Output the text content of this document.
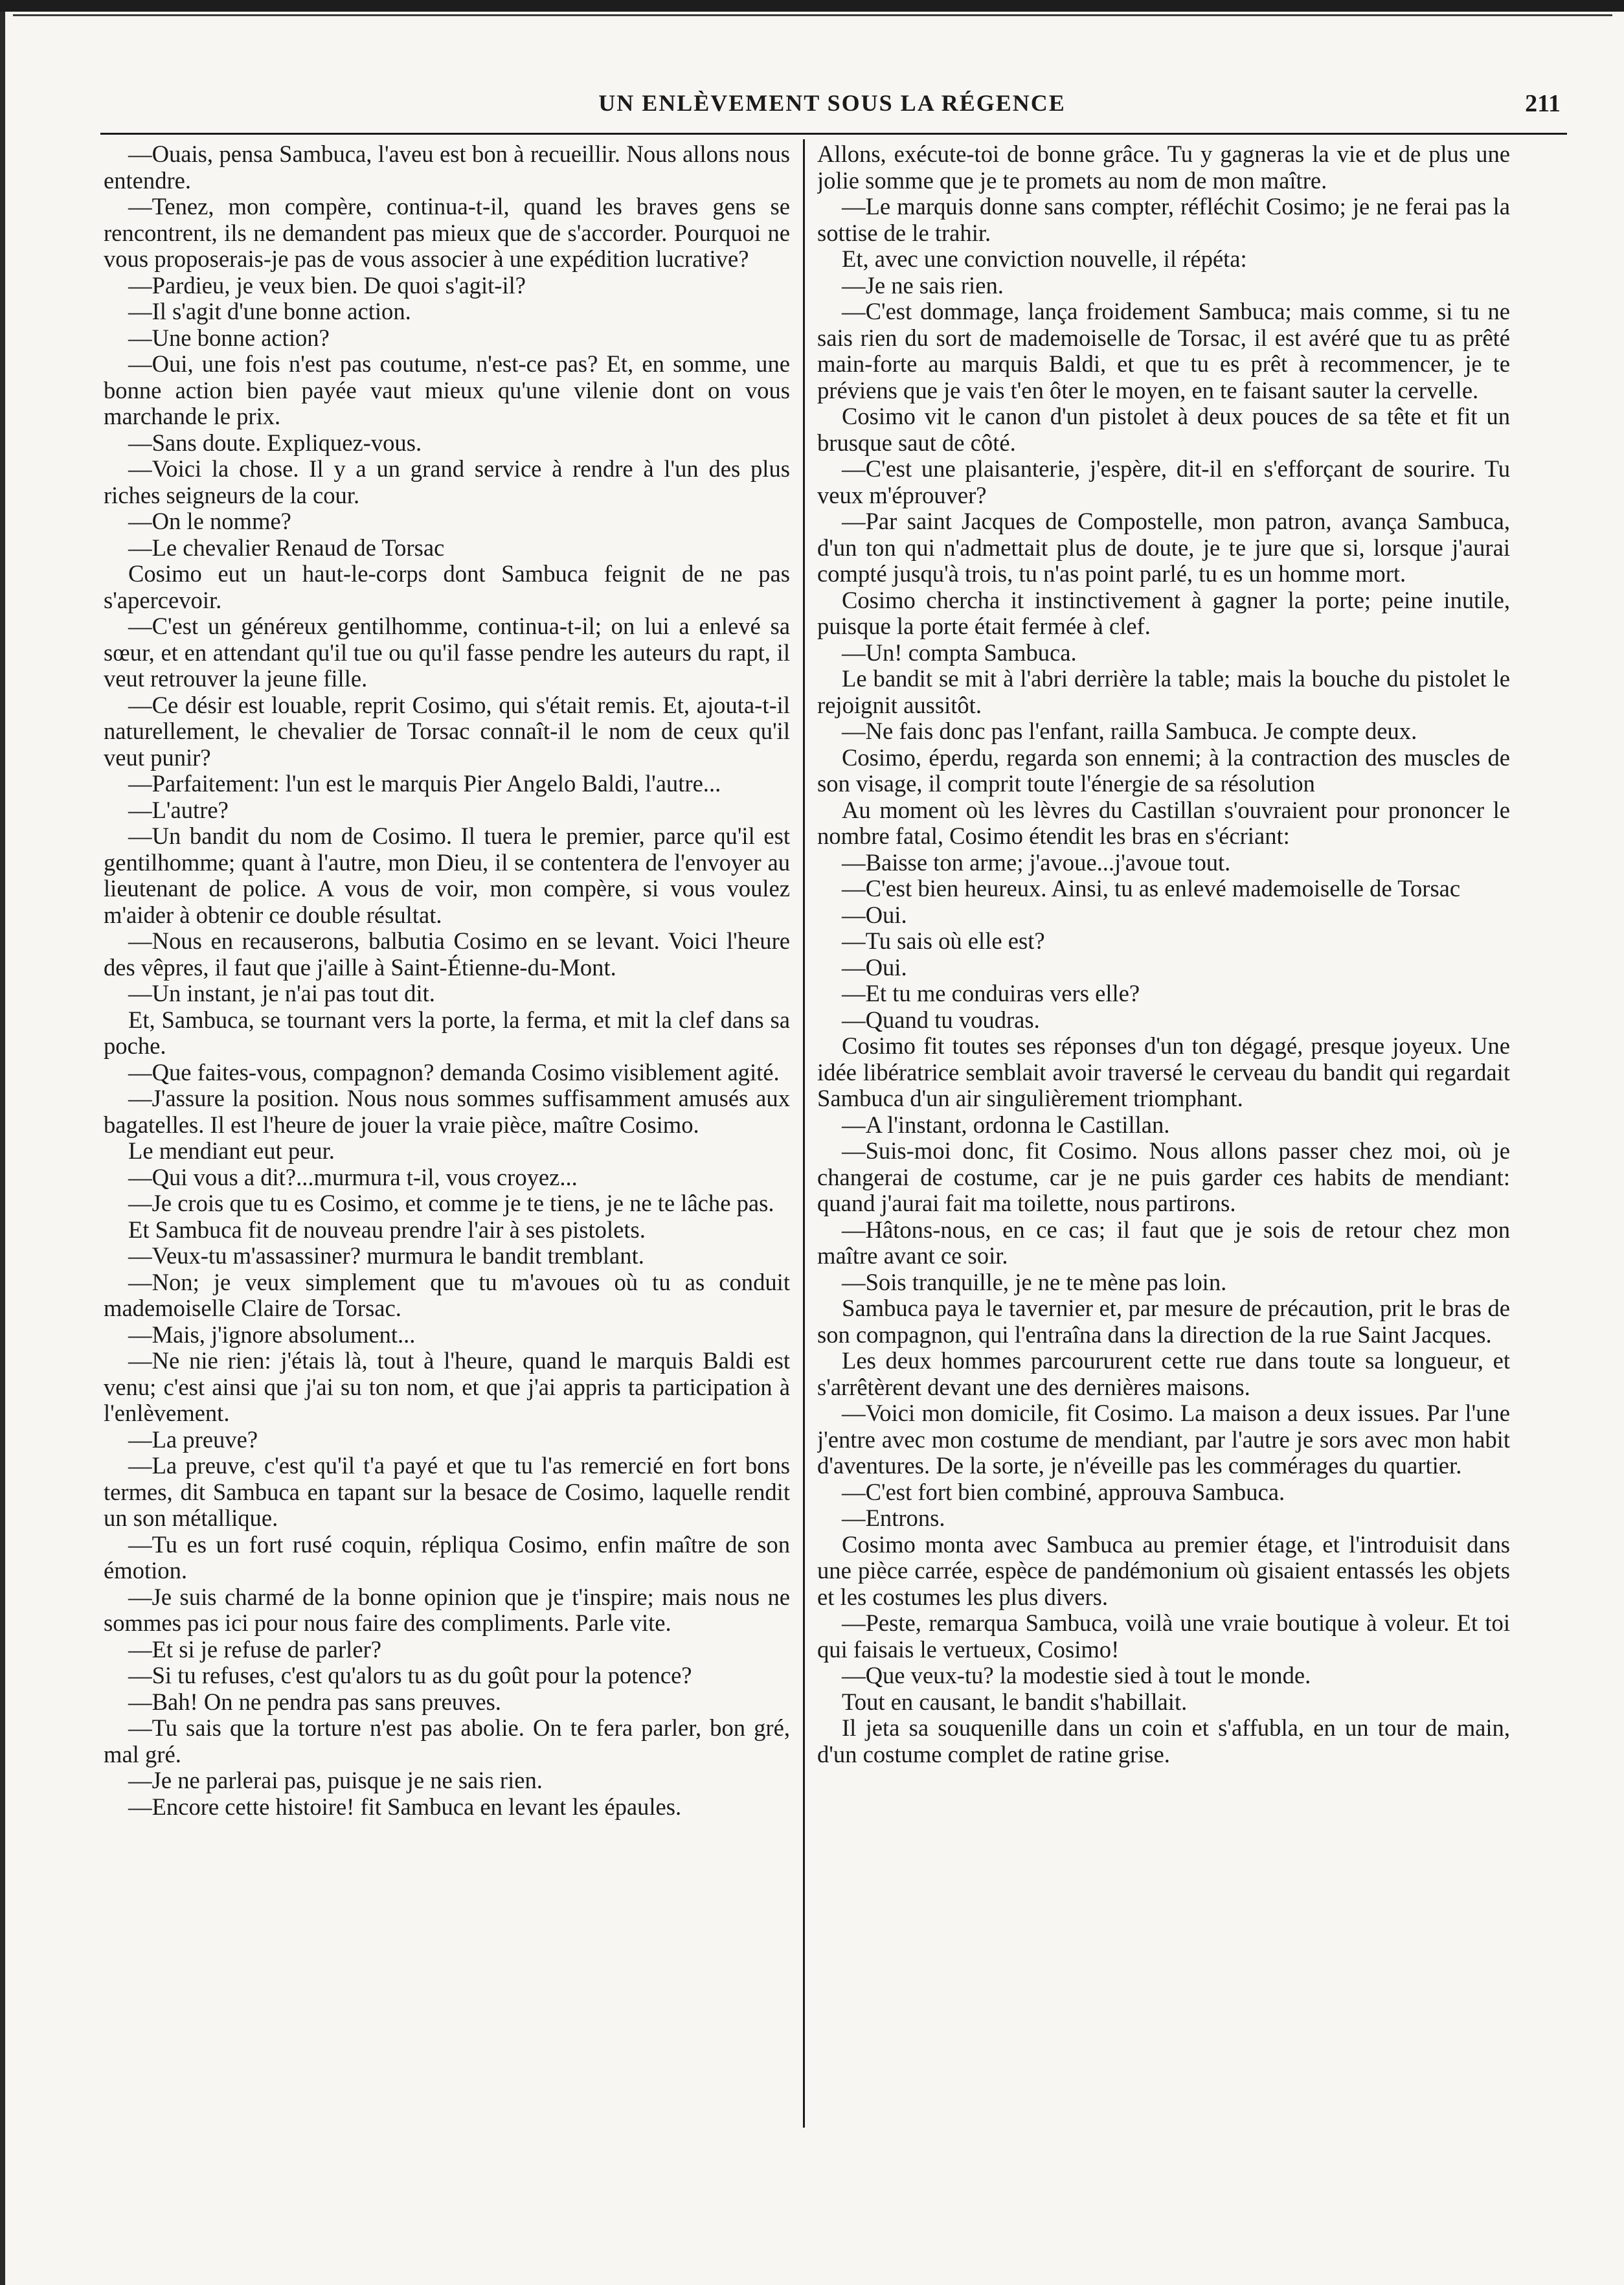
UN ENLÈVEMENT SOUS LA RÉGENCE	211

—Ouais, pensa Sambuca, l'aveu est bon à recueillir. Nous allons nous entendre.

—Tenez, mon compère, continua-t-il, quand les braves gens se rencontrent, ils ne demandent pas mieux que de s'accorder. Pourquoi ne vous proposerais-je pas de vous associer à une expédition lucrative?

—Pardieu, je veux bien. De quoi s'agit-il?

—Il s'agit d'une bonne action.

—Une bonne action?

—Oui, une fois n'est pas coutume, n'est-ce pas? Et, en somme, une bonne action bien payée vaut mieux qu'une vilenie dont on vous marchande le prix.

—Sans doute. Expliquez-vous.

—Voici la chose. Il y a un grand service à rendre à l'un des plus riches seigneurs de la cour.

—On le nomme?

—Le chevalier Renaud de Torsac

Cosimo eut un haut-le-corps dont Sambuca feignit de ne pas s'apercevoir.

—C'est un généreux gentilhomme, continua-t-il; on lui a enlevé sa sœur, et en attendant qu'il tue ou qu'il fasse pendre les auteurs du rapt, il veut retrouver la jeune fille.

—Ce désir est louable, reprit Cosimo, qui s'était remis. Et, ajouta-t-il naturellement, le chevalier de Torsac connaît-il le nom de ceux qu'il veut punir?

—Parfaitement: l'un est le marquis Pier Angelo Baldi, l'autre...

—L'autre?

—Un bandit du nom de Cosimo. Il tuera le premier, parce qu'il est gentilhomme; quant à l'autre, mon Dieu, il se contentera de l'envoyer au lieutenant de police. A vous de voir, mon compère, si vous voulez m'aider à obtenir ce double résultat.

—Nous en recauserons, balbutia Cosimo en se levant. Voici l'heure des vêpres, il faut que j'aille à Saint-Étienne-du-Mont.

—Un instant, je n'ai pas tout dit.

Et, Sambuca, se tournant vers la porte, la ferma, et mit la clef dans sa poche.

—Que faites-vous, compagnon? demanda Cosimo visiblement agité.

—J'assure la position. Nous nous sommes suffisamment amusés aux bagatelles. Il est l'heure de jouer la vraie pièce, maître Cosimo.

Le mendiant eut peur.

—Qui vous a dit?...murmura t-il, vous croyez...

—Je crois que tu es Cosimo, et comme je te tiens, je ne te lâche pas.

Et Sambuca fit de nouveau prendre l'air à ses pistolets.

—Veux-tu m'assassiner? murmura le bandit tremblant.

—Non; je veux simplement que tu m'avoues où tu as conduit mademoiselle Claire de Torsac.

—Mais, j'ignore absolument...

—Ne nie rien: j'étais là, tout à l'heure, quand le marquis Baldi est venu; c'est ainsi que j'ai su ton nom, et que j'ai appris ta participation à l'enlèvement.

—La preuve?

—La preuve, c'est qu'il t'a payé et que tu l'as remercié en fort bons termes, dit Sambuca en tapant sur la besace de Cosimo, laquelle rendit un son métallique.

—Tu es un fort rusé coquin, répliqua Cosimo, enfin maître de son émotion.

—Je suis charmé de la bonne opinion que je t'inspire; mais nous ne sommes pas ici pour nous faire des compliments. Parle vite.

—Et si je refuse de parler?

—Si tu refuses, c'est qu'alors tu as du goût pour la potence?

—Bah! On ne pendra pas sans preuves.

—Tu sais que la torture n'est pas abolie. On te fera parler, bon gré, mal gré.

—Je ne parlerai pas, puisque je ne sais rien.

—Encore cette histoire! fit Sambuca en levant les épaules.

Allons, exécute-toi de bonne grâce. Tu y gagneras la vie et de plus une jolie somme que je te promets au nom de mon maître.

—Le marquis donne sans compter, réfléchit Cosimo; je ne ferai pas la sottise de le trahir.

Et, avec une conviction nouvelle, il répéta:

—Je ne sais rien.

—C'est dommage, lança froidement Sambuca; mais comme, si tu ne sais rien du sort de mademoiselle de Torsac, il est avéré que tu as prêté main-forte au marquis Baldi, et que tu es prêt à recommencer, je te préviens que je vais t'en ôter le moyen, en te faisant sauter la cervelle.

Cosimo vit le canon d'un pistolet à deux pouces de sa tête et fit un brusque saut de côté.

—C'est une plaisanterie, j'espère, dit-il en s'efforçant de sourire. Tu veux m'éprouver?

—Par saint Jacques de Compostelle, mon patron, avança Sambuca, d'un ton qui n'admettait plus de doute, je te jure que si, lorsque j'aurai compté jusqu'à trois, tu n'as point parlé, tu es un homme mort.

Cosimo chercha it instinctivement à gagner la porte; peine inutile, puisque la porte était fermée à clef.

—Un! compta Sambuca.

Le bandit se mit à l'abri derrière la table; mais la bouche du pistolet le rejoignit aussitôt.

—Ne fais donc pas l'enfant, railla Sambuca. Je compte deux.

Cosimo, éperdu, regarda son ennemi; à la contraction des muscles de son visage, il comprit toute l'énergie de sa résolution

Au moment où les lèvres du Castillan s'ouvraient pour prononcer le nombre fatal, Cosimo étendit les bras en s'écriant:

—Baisse ton arme; j'avoue...j'avoue tout.

—C'est bien heureux. Ainsi, tu as enlevé mademoiselle de Torsac

—Oui.

—Tu sais où elle est?

—Oui.

—Et tu me conduiras vers elle?

—Quand tu voudras.

Cosimo fit toutes ses réponses d'un ton dégagé, presque joyeux. Une idée libératrice semblait avoir traversé le cerveau du bandit qui regardait Sambuca d'un air singulièrement triomphant.

—A l'instant, ordonna le Castillan.

—Suis-moi donc, fit Cosimo. Nous allons passer chez moi, où je changerai de costume, car je ne puis garder ces habits de mendiant: quand j'aurai fait ma toilette, nous partirons.

—Hâtons-nous, en ce cas; il faut que je sois de retour chez mon maître avant ce soir.

—Sois tranquille, je ne te mène pas loin.

Sambuca paya le tavernier et, par mesure de précaution, prit le bras de son compagnon, qui l'entraîna dans la direction de la rue Saint Jacques.

Les deux hommes parcoururent cette rue dans toute sa longueur, et s'arrêtèrent devant une des dernières maisons.

—Voici mon domicile, fit Cosimo. La maison a deux issues. Par l'une j'entre avec mon costume de mendiant, par l'autre je sors avec mon habit d'aventures. De la sorte, je n'éveille pas les commérages du quartier.

—C'est fort bien combiné, approuva Sambuca.

—Entrons.

Cosimo monta avec Sambuca au premier étage, et l'introduisit dans une pièce carrée, espèce de pandémonium où gisaient entassés les objets et les costumes les plus divers.

—Peste, remarqua Sambuca, voilà une vraie boutique à voleur. Et toi qui faisais le vertueux, Cosimo!

—Que veux-tu? la modestie sied à tout le monde.

Tout en causant, le bandit s'habillait.

Il jeta sa souquenille dans un coin et s'affubla, en un tour de main, d'un costume complet de ratine grise.
